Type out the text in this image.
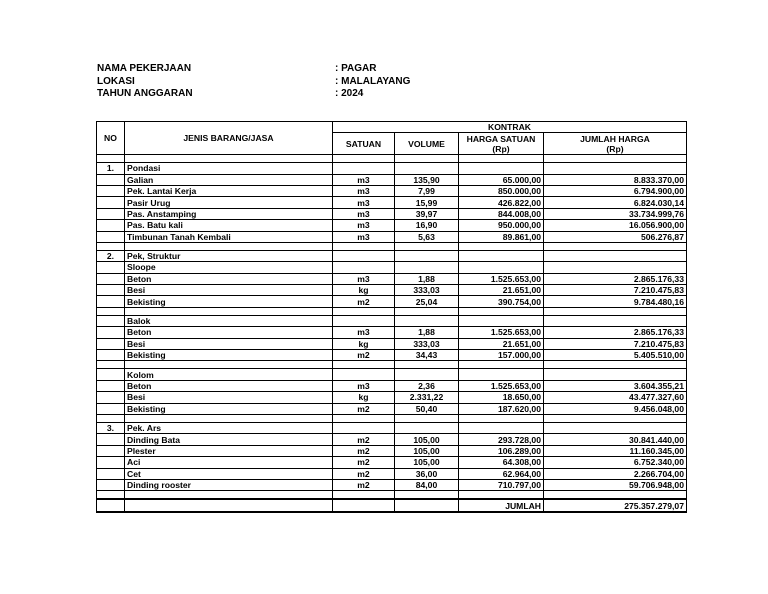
NAMA PEKERJAAN	: PAGAR
LOKASI	: MALALAYANG
TAHUN ANGGARAN	: 2024
NO	JENIS BARANG/JASA	KONTRAK			
		SATUAN	VOLUME	HARGA SATUAN	JUMLAH HARGA
				(Rp)	(Rp)

1.	Pondasi				
	Galian	m3	135,90	65.000,00	8.833.370,00
	Pek. Lantai Kerja	m3	7,99	850.000,00	6.794.900,00
	Pasir Urug	m3	15,99	426.822,00	6.824.030,14
	Pas. Anstamping	m3	39,97	844.008,00	33.734.999,76
	Pas. Batu kali	m3	16,90	950.000,00	16.056.900,00
	Timbunan Tanah Kembali	m3	5,63	89.861,00	506.276,87

2.	Pek, Struktur				
	Sloope				
	Beton	m3	1,88	1.525.653,00	2.865.176,33
	Besi	kg	333,03	21.651,00	7.210.475,83
	Bekisting	m2	25,04	390.754,00	9.784.480,16

	Balok				
	Beton	m3	1,88	1.525.653,00	2.865.176,33
	Besi	kg	333,03	21.651,00	7.210.475,83
	Bekisting	m2	34,43	157.000,00	5.405.510,00

	Kolom				
	Beton	m3	2,36	1.525.653,00	3.604.355,21
	Besi	kg	2.331,22	18.650,00	43.477.327,60
	Bekisting	m2	50,40	187.620,00	9.456.048,00

3.	Pek. Ars				
	Dinding Bata	m2	105,00	293.728,00	30.841.440,00
	Plester	m2	105,00	106.289,00	11.160.345,00
	Aci	m2	105,00	64.308,00	6.752.340,00
	Cet	m2	36,00	62.964,00	2.266.704,00
	Dinding rooster	m2	84,00	710.797,00	59.706.948,00

				JUMLAH	275.357.279,07
